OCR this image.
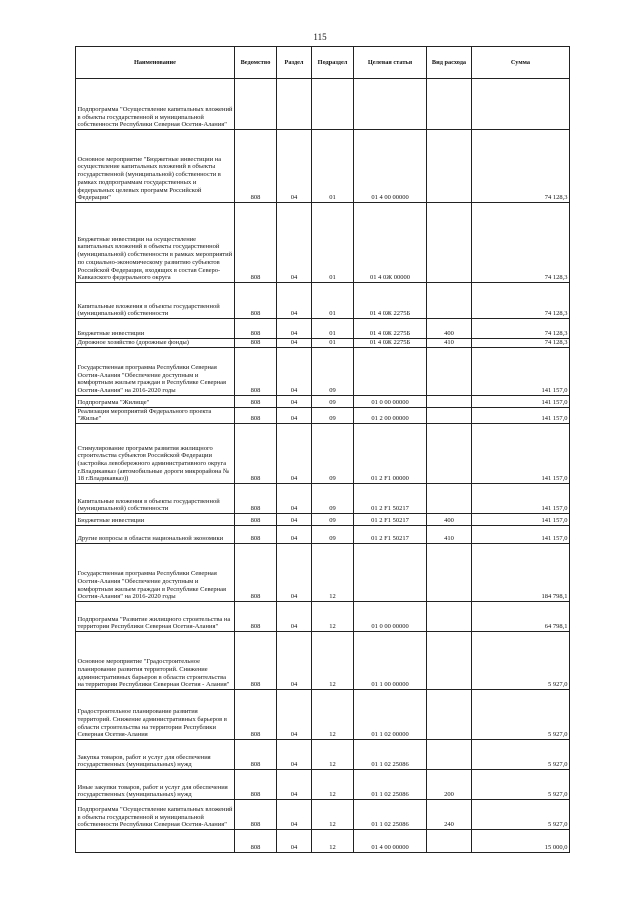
115
Наименование	Ведомство	Раздел	Подраздел	Целевая статья	Вид расхода	Сумма
Подпрограмма "Осуществление капитальных вложений в объекты государственной и муниципальной собственности Республики Северная Осетия-Алания"						
Основное мероприятие "Бюджетные инвестиции на осуществление капитальных вложений в объекты государственной (муниципальной) собственности в рамках подпрограммам государственных и федеральных целевых программ Российской Федерации"	808	04	01	01 4 00 00000		74 128,3
Бюджетные инвестиции на осуществление капитальных вложений в объекты государственной (муниципальной) собственности в рамках мероприятий по социально-экономическому развитию субъектов Российской Федерации, входящих в состав Северо-Кавказского федерального округа	808	04	01	01 4 0Ж 00000		74 128,3
Капитальные вложения в объекты государственной (муниципальной) собственности	808	04	01	01 4 0Ж 2275Б		74 128,3
Бюджетные инвестиции	808	04	01	01 4 0Ж 2275Б	400	74 128,3
Дорожное хозяйство (дорожные фонды)	808	04	01	01 4 0Ж 2275Б	410	74 128,3
Государственная программа Республики Северная Осетия-Алания "Обеспечение доступным и комфортным жильем граждан в Республике Северная Осетия-Алания" на 2016-2020 годы	808	04	09			141 157,0
Подпрограмма "Жилище"	808	04	09	01 0 00 00000		141 157,0
Реализация мероприятий Федерального проекта "Жилье"	808	04	09	01 2 00 00000		141 157,0
Стимулирование программ развития жилищного строительства субъектов Российской Федерации (застройка левобережного административного округа г.Владикавказ (автомобильные дороги микрорайона № 18 г.Владикавказ))	808	04	09	01 2 F1 00000		141 157,0
Капитальные вложения в объекты государственной (муниципальной) собственности	808	04	09	01 2 F1 50217		141 157,0
Бюджетные инвестиции	808	04	09	01 2 F1 50217	400	141 157,0
Другие вопросы в области национальной экономики	808	04	09	01 2 F1 50217	410	141 157,0
Государственная программа Республики Северная Осетия-Алания "Обеспечение доступным и комфортным жильем граждан в Республике Северная Осетия-Алания" на 2016-2020 годы	808	04	12			184 798,1
Подпрограмма "Развитие жилищного строительства на территории Республики Северная Осетия-Алания"	808	04	12	01 0 00 00000		64 798,1
Основное мероприятие "Градостроительное планирование развития территорий. Снижение административных барьеров в области строительства на территории Республики Северная Осетия - Алания"	808	04	12	01 1 00 00000		5 927,0
Градостроительное планирование развития территорий. Снижение административных барьеров в области строительства на территории Республики Северная Осетия-Алания	808	04	12	01 1 02 00000		5 927,0
Закупка товаров, работ и услуг для обеспечения государственных (муниципальных) нужд	808	04	12	01 1 02 25086		5 927,0
Иные закупки товаров, работ и услуг для обеспечения государственных (муниципальных) нужд	808	04	12	01 1 02 25086	200	5 927,0
Подпрограмма "Осуществление капитальных вложений в объекты государственной и муниципальной собственности Республики Северная Осетия-Алания"	808	04	12	01 1 02 25086	240	5 927,0
	808	04	12	01 4 00 00000		15 000,0
